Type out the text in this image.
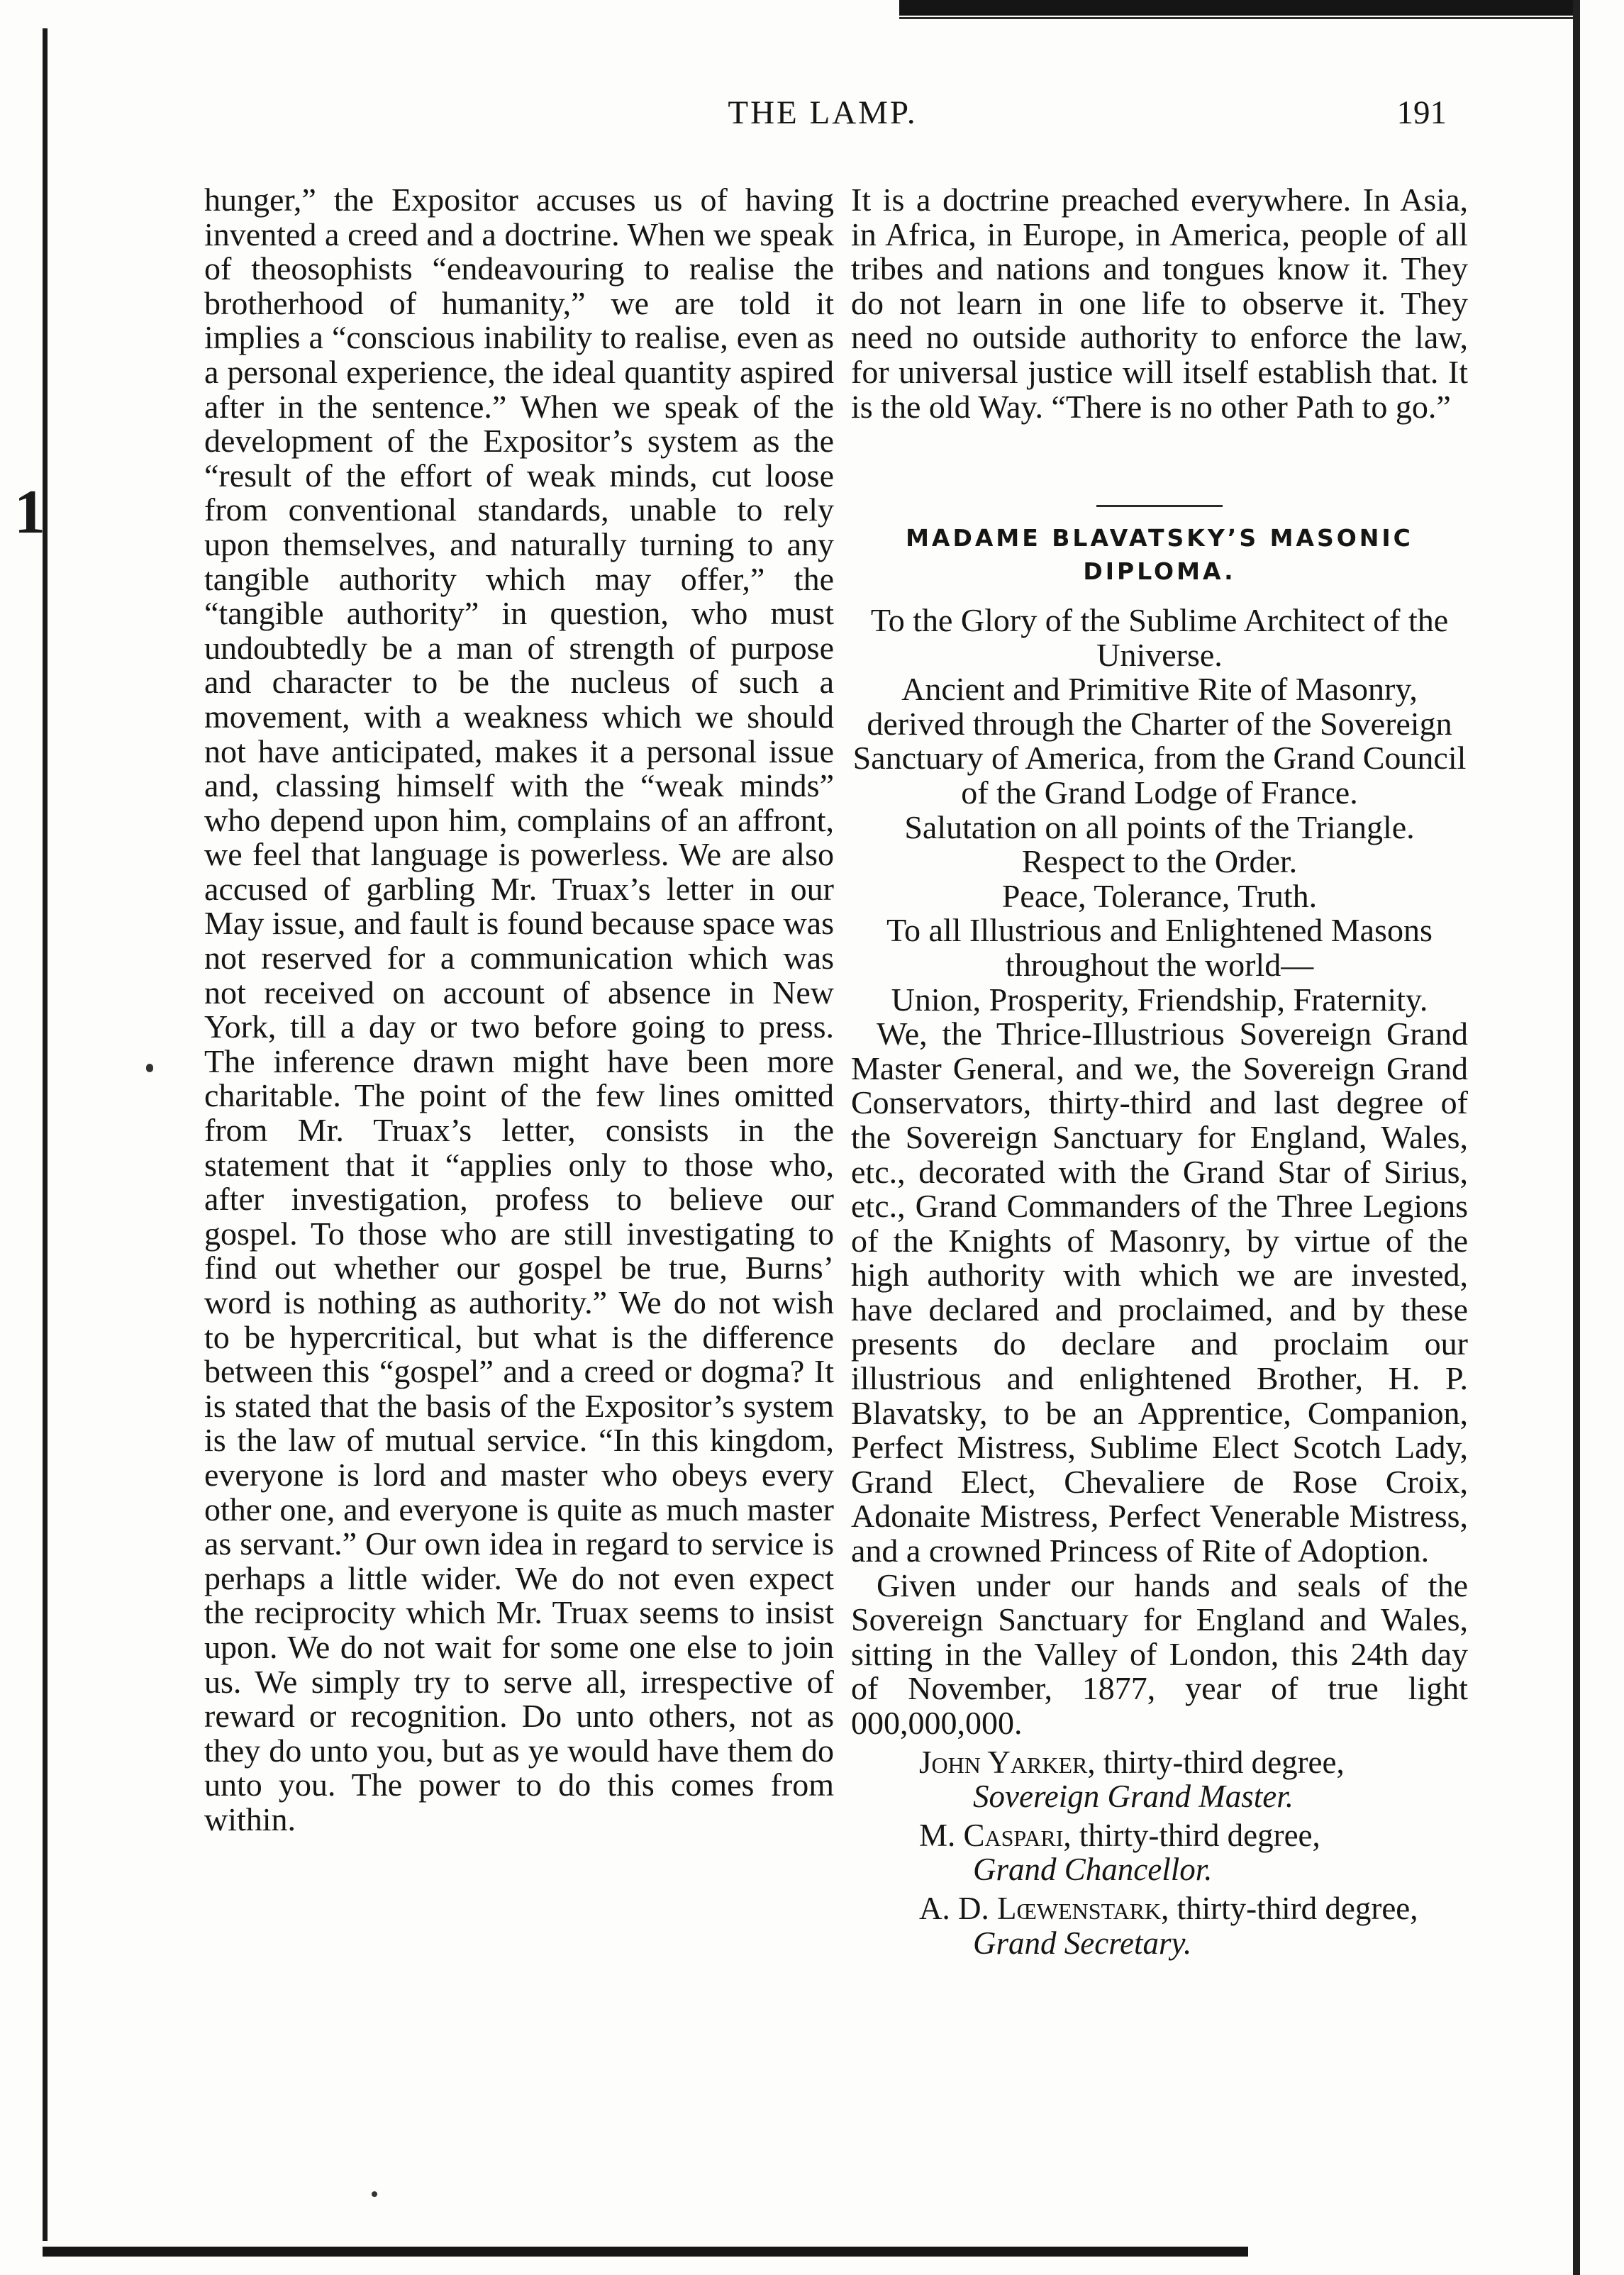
1
THE LAMP.	191

hunger,” the Expositor accuses us of having invented a creed and a doctrine. When we speak of theosophists “endeavouring to realise the brotherhood of humanity,” we are told it implies a “conscious inability to realise, even as a personal experience, the ideal quantity aspired after in the sentence.” When we speak of the development of the Expositor’s system as the “result of the effort of weak minds, cut loose from conventional standards, unable to rely upon themselves, and naturally turning to any tangible authority which may offer,” the “tangible authority” in question, who must undoubtedly be a man of strength of purpose and character to be the nucleus of such a movement, with a weakness which we should not have anticipated, makes it a personal issue and, classing himself with the “weak minds” who depend upon him, complains of an affront, we feel that language is powerless. We are also accused of garbling Mr. Truax’s letter in our May issue, and fault is found because space was not reserved for a communication which was not received on account of absence in New York, till a day or two before going to press. The inference drawn might have been more charitable. The point of the few lines omitted from Mr. Truax’s letter, consists in the statement that it “applies only to those who, after investigation, profess to believe our gospel. To those who are still investigating to find out whether our gospel be true, Burns’ word is nothing as authority.” We do not wish to be hypercritical, but what is the difference between this “gospel” and a creed or dogma? It is stated that the basis of the Expositor’s system is the law of mutual service. “In this kingdom, everyone is lord and master who obeys every other one, and everyone is quite as much master as servant.” Our own idea in regard to service is perhaps a little wider. We do not even expect the reciprocity which Mr. Truax seems to insist upon. We do not wait for some one else to join us. We simply try to serve all, irrespective of reward or recognition. Do unto others, not as they do unto you, but as ye would have them do unto you. The power to do this comes from within.

It is a doctrine preached everywhere. In Asia, in Africa, in Europe, in America, people of all tribes and nations and tongues know it. They do not learn in one life to observe it. They need no outside authority to enforce the law, for universal justice will itself establish that. It is the old Way. “There is no other Path to go.”

MADAME BLAVATSKY’S MASONIC DIPLOMA.
To the Glory of the Sublime Architect of the Universe.
Ancient and Primitive Rite of Masonry, derived through the Charter of the Sovereign Sanctuary of America, from the Grand Council of the Grand Lodge of France.
Salutation on all points of the Triangle.
Respect to the Order.
Peace, Tolerance, Truth.
To all Illustrious and Enlightened Masons throughout the world—
Union, Prosperity, Friendship, Fraternity.

We, the Thrice-Illustrious Sovereign Grand Master General, and we, the Sovereign Grand Conservators, thirty-third and last degree of the Sovereign Sanctuary for England, Wales, etc., decorated with the Grand Star of Sirius, etc., Grand Commanders of the Three Legions of the Knights of Masonry, by virtue of the high authority with which we are invested, have declared and proclaimed, and by these presents do declare and proclaim our illustrious and enlightened Brother, H. P. Blavatsky, to be an Apprentice, Companion, Perfect Mistress, Sublime Elect Scotch Lady, Grand Elect, Chevaliere de Rose Croix, Adonaite Mistress, Perfect Venerable Mistress, and a crowned Princess of Rite of Adoption.

Given under our hands and seals of the Sovereign Sanctuary for England and Wales, sitting in the Valley of London, this 24th day of November, 1877, year of true light 000,000,000.

John Yarker, thirty-third degree,
Sovereign Grand Master.
M. Caspari, thirty-third degree,
Grand Chancellor.
A. D. Lœwenstark, thirty-third degree,
Grand Secretary.
